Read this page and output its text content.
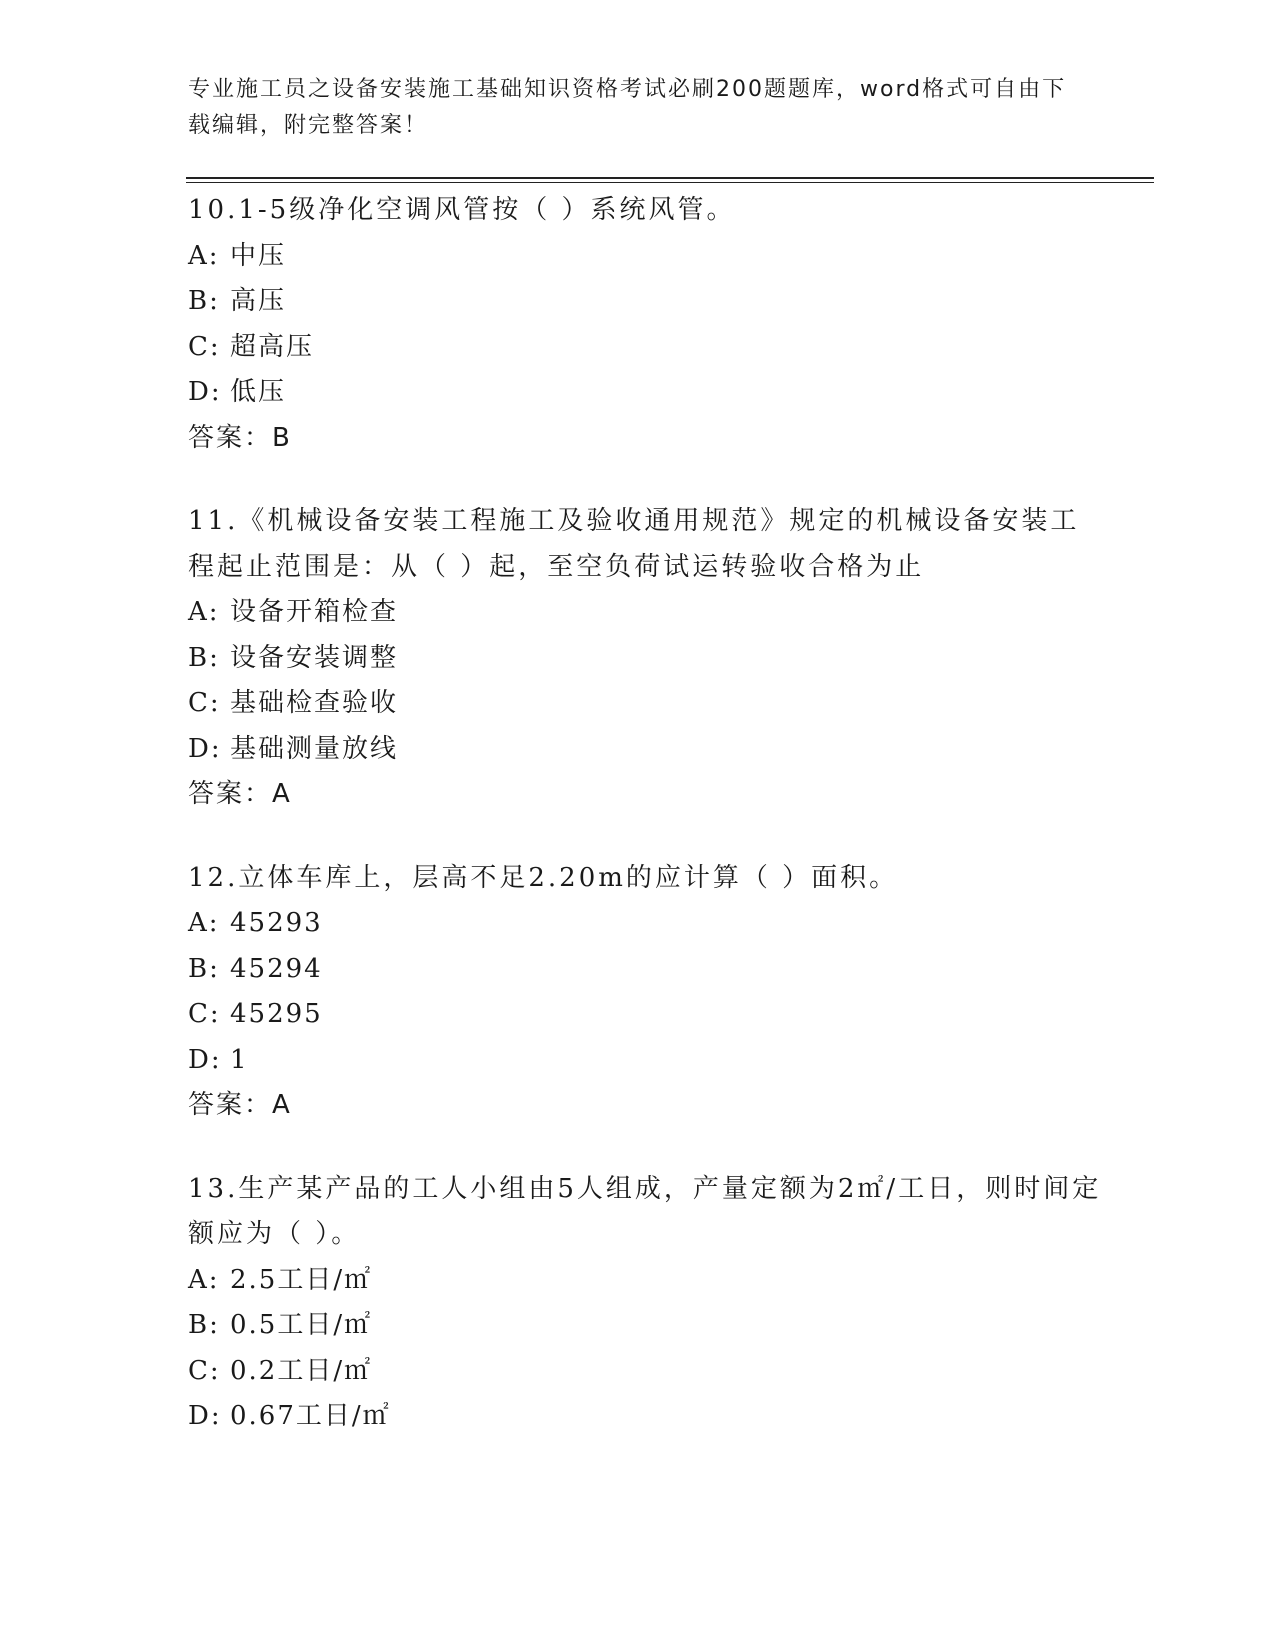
专业施工员之设备安装施工基础知识资格考试必刷200题题库，word格式可自由下载编辑，附完整答案！

10.1-5级净化空调风管按（ ）系统风管。

A: 中压

B: 高压

C: 超高压

D: 低压

答案：B

11.《机械设备安装工程施工及验收通用规范》规定的机械设备安装工程起止范围是：从（ ）起，至空负荷试运转验收合格为止

A: 设备开箱检查

B: 设备安装调整

C: 基础检查验收

D: 基础测量放线

答案：A

12.立体车库上，层高不足2.20m的应计算（ ）面积。

A: 45293

B: 45294

C: 45295

D: 1

答案：A

13.生产某产品的工人小组由5人组成，产量定额为2㎡/工日，则时间定额应为（ ）。

A: 2.5工日/㎡

B: 0.5工日/㎡

C: 0.2工日/㎡

D: 0.67工日/㎡
